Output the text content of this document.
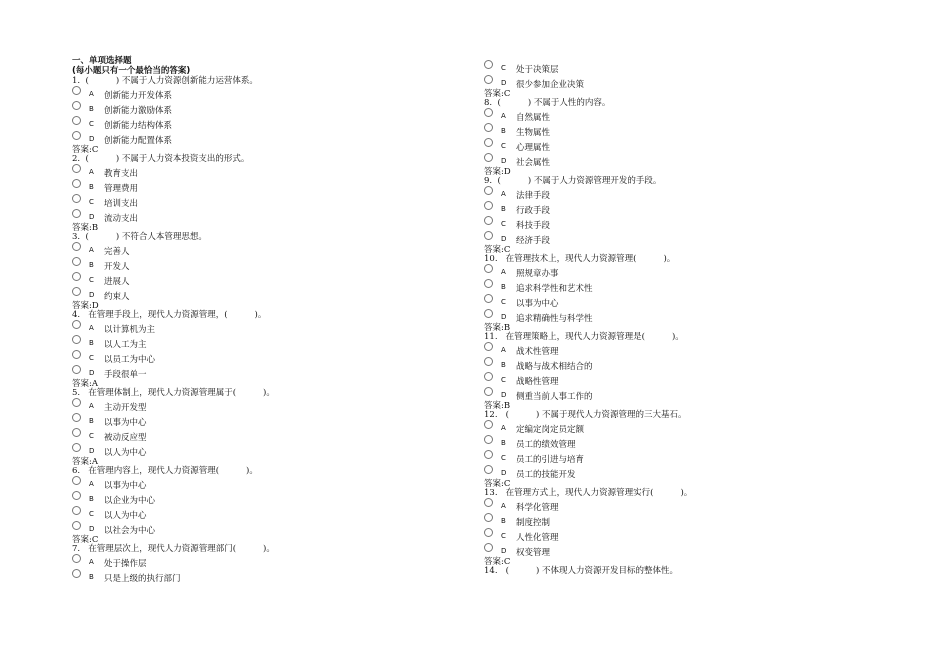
一、单项选择题
(每小题只有一个最恰当的答案)
1.  (          ) 不属于人力资源创新能力运营体系。
A 创新能力开发体系
B 创新能力激励体系
C 创新能力结构体系
D 创新能力配置体系
答案:C
2.  (          ) 不属于人力资本投资支出的形式。
A 教育支出
B 管理费用
C 培训支出
D 流动支出
答案:B
3.  (          ) 不符合人本管理思想。
A 完善人
B 开发人
C 进展人
D 约束人
答案:D
4.   在管理手段上，现代人力资源管理，(          )。
A 以计算机为主
B 以人工为主
C 以员工为中心
D 手段很单一
答案:A
5.   在管理体制上，现代人力资源管理属于(          )。
A 主动开发型
B 以事为中心
C 被动反应型
D 以人为中心
答案:A
6.   在管理内容上，现代人力资源管理(          )。
A 以事为中心
B 以企业为中心
C 以人为中心
D 以社会为中心
答案:C
7.   在管理层次上，现代人力资源管理部门(          )。
A 处于操作层
B 只是上级的执行部门
C 处于决策层
D 很少参加企业决策
答案:C
8.  (          ) 不属于人性的内容。
A 自然属性
B 生物属性
C 心理属性
D 社会属性
答案:D
9.  (          ) 不属于人力资源管理开发的手段。
A 法律手段
B 行政手段
C 科技手段
D 经济手段
答案:C
10.   在管理技术上，现代人力资源管理(          )。
A 照规章办事
B 追求科学性和艺术性
C 以事为中心
D 追求精确性与科学性
答案:B
11.   在管理策略上，现代人力资源管理是(          )。
A 战术性管理
B 战略与战术相结合的
C 战略性管理
D 侧重当前人事工作的
答案:B
12.   (          ) 不属于现代人力资源管理的三大基石。
A 定编定岗定员定额
B 员工的绩效管理
C 员工的引进与培育
D 员工的技能开发
答案:C
13.   在管理方式上，现代人力资源管理实行(          )。
A 科学化管理
B 制度控制
C 人性化管理
D 权变管理
答案:C
14.   (          ) 不体现人力资源开发目标的整体性。
